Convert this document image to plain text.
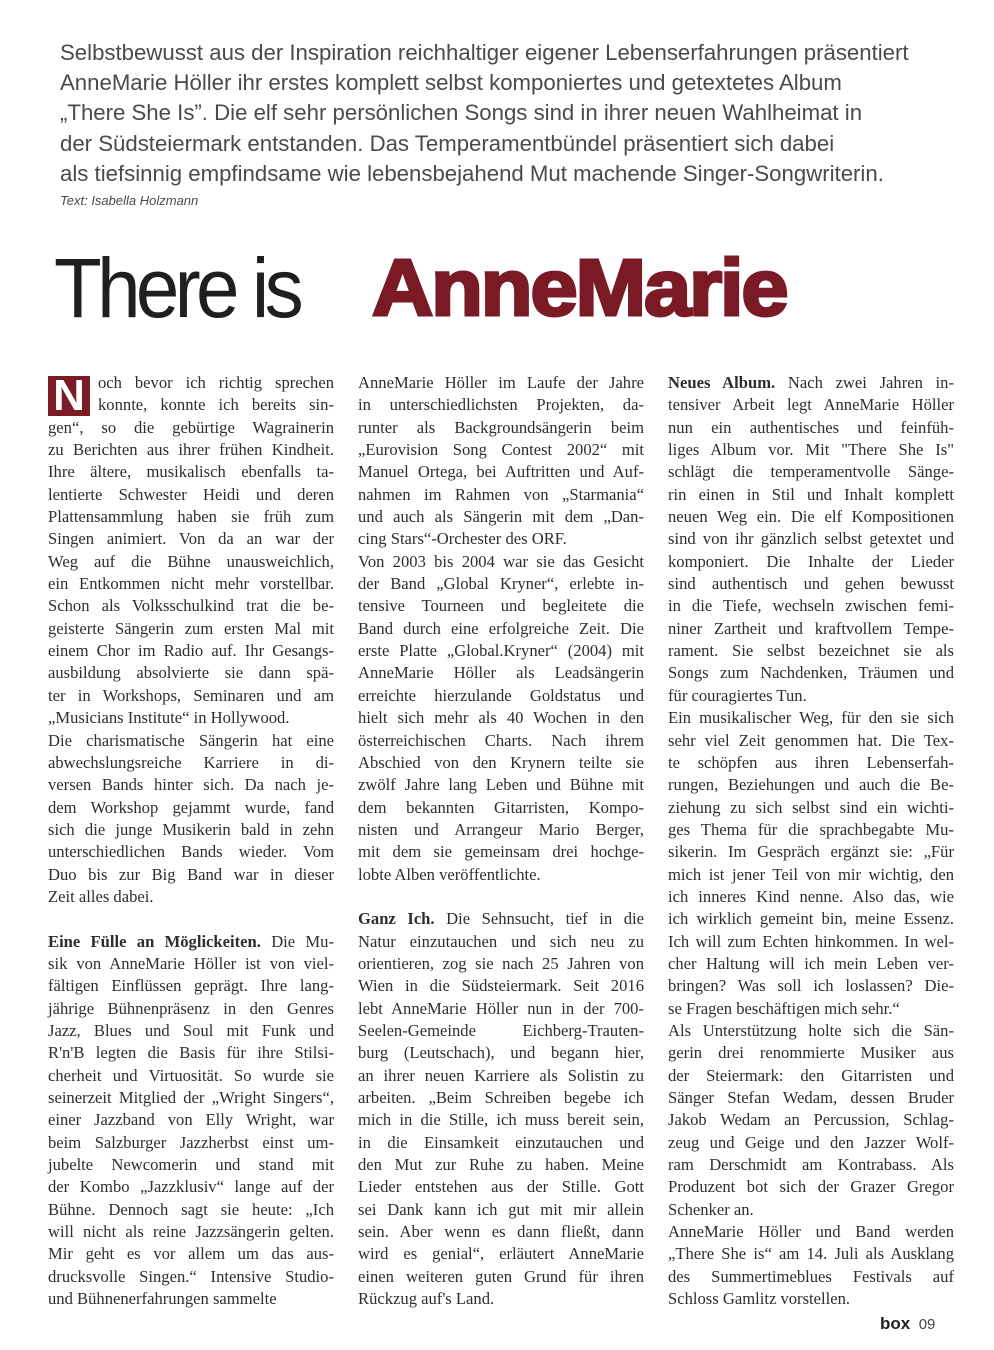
Selbstbewusst aus der Inspiration reichhaltiger eigener Lebenserfahrungen präsentiert

AnneMarie Höller ihr erstes komplett selbst komponiertes und getextetes Album

„There She Is”. Die elf sehr persönlichen Songs sind in ihrer neuen Wahlheimat in

der Südsteiermark entstanden. Das Temperamentbündel präsentiert sich dabei

als tiefsinnig empfindsame wie lebensbejahend Mut machende Singer-Songwriterin.

Text: Isabella Holzmann
There is AnneMarie
N och bevor ich richtig sprechen
konnte, konnte ich bereits sin-
gen“, so die gebürtige Wagrainerin
zu Berichten aus ihrer frühen Kindheit.
Ihre ältere, musikalisch ebenfalls ta-
lentierte Schwester Heidi und deren
Plattensammlung haben sie früh zum
Singen animiert. Von da an war der
Weg auf die Bühne unausweichlich,
ein Entkommen nicht mehr vorstellbar.
Schon als Volksschulkind trat die be-
geisterte Sängerin zum ersten Mal mit
einem Chor im Radio auf. Ihr Gesangs-
ausbildung absolvierte sie dann spä-
ter in Workshops, Seminaren und am
„Musicians Institute“ in Hollywood.
Die charismatische Sängerin hat eine
abwechslungsreiche Karriere in di-
versen Bands hinter sich. Da nach je-
dem Workshop gejammt wurde, fand
sich die junge Musikerin bald in zehn
unterschiedlichen Bands wieder. Vom
Duo bis zur Big Band war in dieser
Zeit alles dabei.
Eine Fülle an Möglickeiten. Die Mu-
sik von AnneMarie Höller ist von viel-
fältigen Einflüssen geprägt. Ihre lang-
jährige Bühnenpräsenz in den Genres
Jazz, Blues und Soul mit Funk und
R'n'B legten die Basis für ihre Stilsi-
cherheit und Virtuosität. So wurde sie
seinerzeit Mitglied der „Wright Singers“,
einer Jazzband von Elly Wright, war
beim Salzburger Jazzherbst einst um-
jubelte Newcomerin und stand mit
der Kombo „Jazzklusiv“ lange auf der
Bühne. Dennoch sagt sie heute: „Ich
will nicht als reine Jazzsängerin gelten.
Mir geht es vor allem um das aus-
drucksvolle Singen.“ Intensive Studio-
und Bühnenerfahrungen sammelte
AnneMarie Höller im Laufe der Jahre
in unterschiedlichsten Projekten, da-
runter als Backgroundsängerin beim
„Eurovision Song Contest 2002“ mit
Manuel Ortega, bei Auftritten und Auf-
nahmen im Rahmen von „Starmania“
und auch als Sängerin mit dem „Dan-
cing Stars“-Orchester des ORF.
Von 2003 bis 2004 war sie das Gesicht
der Band „Global Kryner“, erlebte in-
tensive Tourneen und begleitete die
Band durch eine erfolgreiche Zeit. Die
erste Platte „Global.Kryner“ (2004) mit
AnneMarie Höller als Leadsängerin
erreichte hierzulande Goldstatus und
hielt sich mehr als 40 Wochen in den
österreichischen Charts. Nach ihrem
Abschied von den Krynern teilte sie
zwölf Jahre lang Leben und Bühne mit
dem bekannten Gitarristen, Kompo-
nisten und Arrangeur Mario Berger,
mit dem sie gemeinsam drei hochge-
lobte Alben veröffentlichte.
Ganz Ich. Die Sehnsucht, tief in die
Natur einzutauchen und sich neu zu
orientieren, zog sie nach 25 Jahren von
Wien in die Südsteiermark. Seit 2016
lebt AnneMarie Höller nun in der 700-
Seelen-Gemeinde Eichberg-Trauten-
burg (Leutschach), und begann hier,
an ihrer neuen Karriere als Solistin zu
arbeiten. „Beim Schreiben begebe ich
mich in die Stille, ich muss bereit sein,
in die Einsamkeit einzutauchen und
den Mut zur Ruhe zu haben. Meine
Lieder entstehen aus der Stille. Gott
sei Dank kann ich gut mit mir allein
sein. Aber wenn es dann fließt, dann
wird es genial“, erläutert AnneMarie
einen weiteren guten Grund für ihren
Rückzug auf's Land.
Neues Album. Nach zwei Jahren in-
tensiver Arbeit legt AnneMarie Höller
nun ein authentisches und feinfüh-
liges Album vor. Mit "There She Is"
schlägt die temperamentvolle Sänge-
rin einen in Stil und Inhalt komplett
neuen Weg ein. Die elf Kompositionen
sind von ihr gänzlich selbst getextet und
komponiert. Die Inhalte der Lieder
sind authentisch und gehen bewusst
in die Tiefe, wechseln zwischen femi-
niner Zartheit und kraftvollem Tempe-
rament. Sie selbst bezeichnet sie als
Songs zum Nachdenken, Träumen und
für couragiertes Tun.
Ein musikalischer Weg, für den sie sich
sehr viel Zeit genommen hat. Die Tex-
te schöpfen aus ihren Lebenserfah-
rungen, Beziehungen und auch die Be-
ziehung zu sich selbst sind ein wichti-
ges Thema für die sprachbegabte Mu-
sikerin. Im Gespräch ergänzt sie: „Für
mich ist jener Teil von mir wichtig, den
ich inneres Kind nenne. Also das, wie
ich wirklich gemeint bin, meine Essenz.
Ich will zum Echten hinkommen. In wel-
cher Haltung will ich mein Leben ver-
bringen? Was soll ich loslassen? Die-
se Fragen beschäftigen mich sehr.“
Als Unterstützung holte sich die Sän-
gerin drei renommierte Musiker aus
der Steiermark: den Gitarristen und
Sänger Stefan Wedam, dessen Bruder
Jakob Wedam an Percussion, Schlag-
zeug und Geige und den Jazzer Wolf-
ram Derschmidt am Kontrabass. Als
Produzent bot sich der Grazer Gregor
Schenker an.
AnneMarie Höller und Band werden
„There She is“ am 14. Juli als Ausklang
des Summertimeblues Festivals auf
Schloss Gamlitz vorstellen.
box 09
